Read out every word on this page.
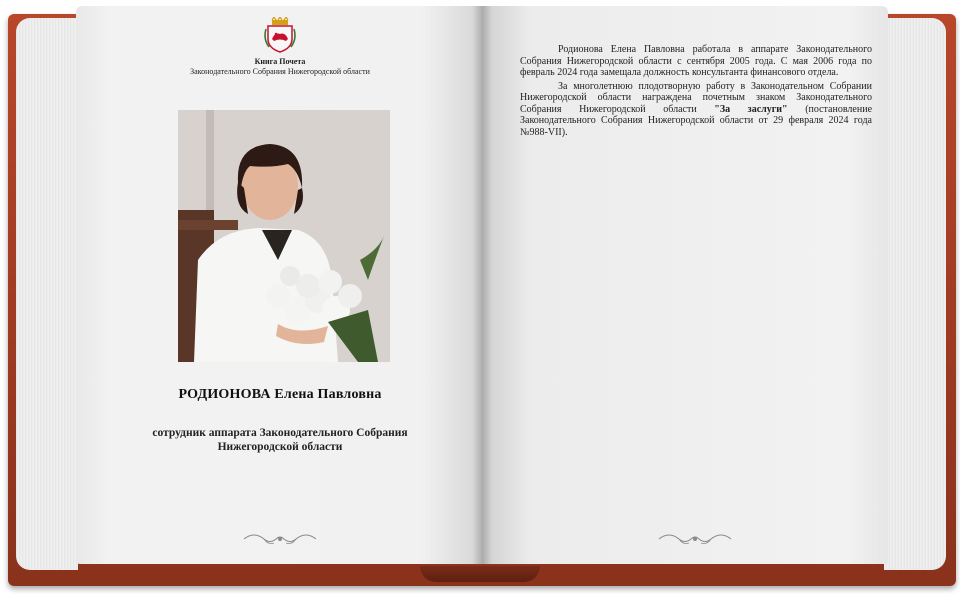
Книга Почета
Законодательного Собрания Нижегородской области
РОДИОНОВА Елена Павловна
сотрудник аппарата Законодательного Собрания
Нижегородской области

Родионова Елена Павловна работала в аппарате Законодательного Собрания Нижегородской области с сентября 2005 года. С мая 2006 года по февраль 2024 года замещала должность консультанта финансового отдела.

За многолетнюю плодотворную работу в Законодательном Собрании Нижегородской области награждена почетным знаком Законодательного Собрания Нижегородской области "За заслуги" (постановление Законодательного Собрания Нижегородской области от 29 февраля 2024 года №988-VII).
